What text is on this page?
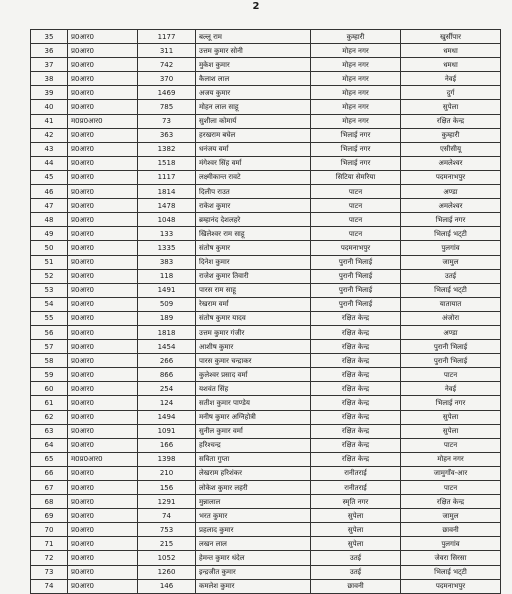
2
35	प्र0आर0	1177	बल्लू राम	कुम्हारी	खुर्सीपार
36	प्र0आर0	311	उत्तम कुमार सोनी	मोहन नगर	धमधा
37	प्र0आर0	742	मुकेश कुमार	मोहन नगर	धमधा
38	प्र0आर0	370	कैलाश लाल	मोहन नगर	नेवई
39	प्र0आर0	1469	अजय कुमार	मोहन नगर	दुर्ग
40	प्र0आर0	785	मोहन लाल साहू	मोहन नगर	सुपेला
41	म0प्र0आर0	73	सुशीला कोमार्य	मोहन नगर	रक्षित केन्द्र
42	प्र0आर0	363	हरखराम बघेल	भिलाई नगर	कुम्हारी
43	प्र0आर0	1382	धनंजय वर्मा	भिलाई नगर	एसीसीयू
44	प्र0आर0	1518	मंगेश्वर सिंह वर्मा	भिलाई नगर	अमलेश्वर
45	प्र0आर0	1117	लक्ष्मीकान्त रावटे	सिटिया सेमरिया	पदमनाभपुर
46	प्र0आर0	1814	दिलीप राउत	पाटन	अण्डा
47	प्र0आर0	1478	राकेश कुमार	पाटन	अमलेश्वर
48	प्र0आर0	1048	ब्रम्हानंद देशलहरे	पाटन	भिलाई नगर
49	प्र0आर0	133	खिलेश्वर राम साहू	पाटन	भिलाई भट्‌टी
50	प्र0आर0	1335	संतोष कुमार	पदमनाभपुर	पुलगांव
51	प्र0आर0	383	दिनेश कुमार	पुरानी भिलाई	जामुल
52	प्र0आर0	118	राजेश कुमार तिवारी	पुरानी भिलाई	उतई
53	प्र0आर0	1491	पारस राम साहू	पुरानी भिलाई	भिलाई भट्‌टी
54	प्र0आर0	509	रेखराम वर्मा	पुरानी भिलाई	यातायात
55	प्र0आर0	189	संतोष कुमार यादव	रक्षित केन्द्र	अंजोरा
56	प्र0आर0	1818	उत्तम कुमार गंजीर	रक्षित केन्द्र	अण्डा
57	प्र0आर0	1454	आशीष कुमार	रक्षित केन्द्र	पुरानी भिलाई
58	प्र0आर0	266	पारस कुमार चन्द्राकर	रक्षित केन्द्र	पुरानी भिलाई
59	प्र0आर0	866	कुलेश्वर प्रसाद वर्मा	रक्षित केन्द्र	पाटन
60	प्र0आर0	254	यशवंत सिंह	रक्षित केन्द्र	नेवई
61	प्र0आर0	124	सतीश कुमार पाण्डेय	रक्षित केन्द्र	भिलाई नगर
62	प्र0आर0	1494	मनीष कुमार अग्निहोत्री	रक्षित केन्द्र	सुपेला
63	प्र0आर0	1091	सुनील कुमार वर्मा	रक्षित केन्द्र	सुपेला
64	प्र0आर0	166	हरिश्चन्द्र	रक्षित केन्द्र	पाटन
65	म0प्र0आर0	1398	सविता गुप्ता	रक्षित केन्द्र	मोहन नगर
66	प्र0आर0	210	लेखराम हरिशंकर	रानीतराई	जामुगाँव-आर
67	प्र0आर0	156	लोकेश कुमार लहरी	रानीतराई	पाटन
68	प्र0आर0	1291	मुन्नालाल	स्मृति नगर	रक्षित केन्द्र
69	प्र0आर0	74	भरत कुमार	सुपेला	जामुल
70	प्र0आर0	753	प्रहलाद कुमार	सुपेला	छावनी
71	प्र0आर0	215	लखन लाल	सुपेला	पुलगांव
72	प्र0आर0	1052	हेमन्त कुमार धंदेल	उतई	जेवरा सिरसा
73	प्र0आर0	1260	इन्द्रजीत कुमार	उतई	भिलाई भट्‌टी
74	प्र0आर0	146	कमलेश कुमार	छावनी	पदमनाभपुर
